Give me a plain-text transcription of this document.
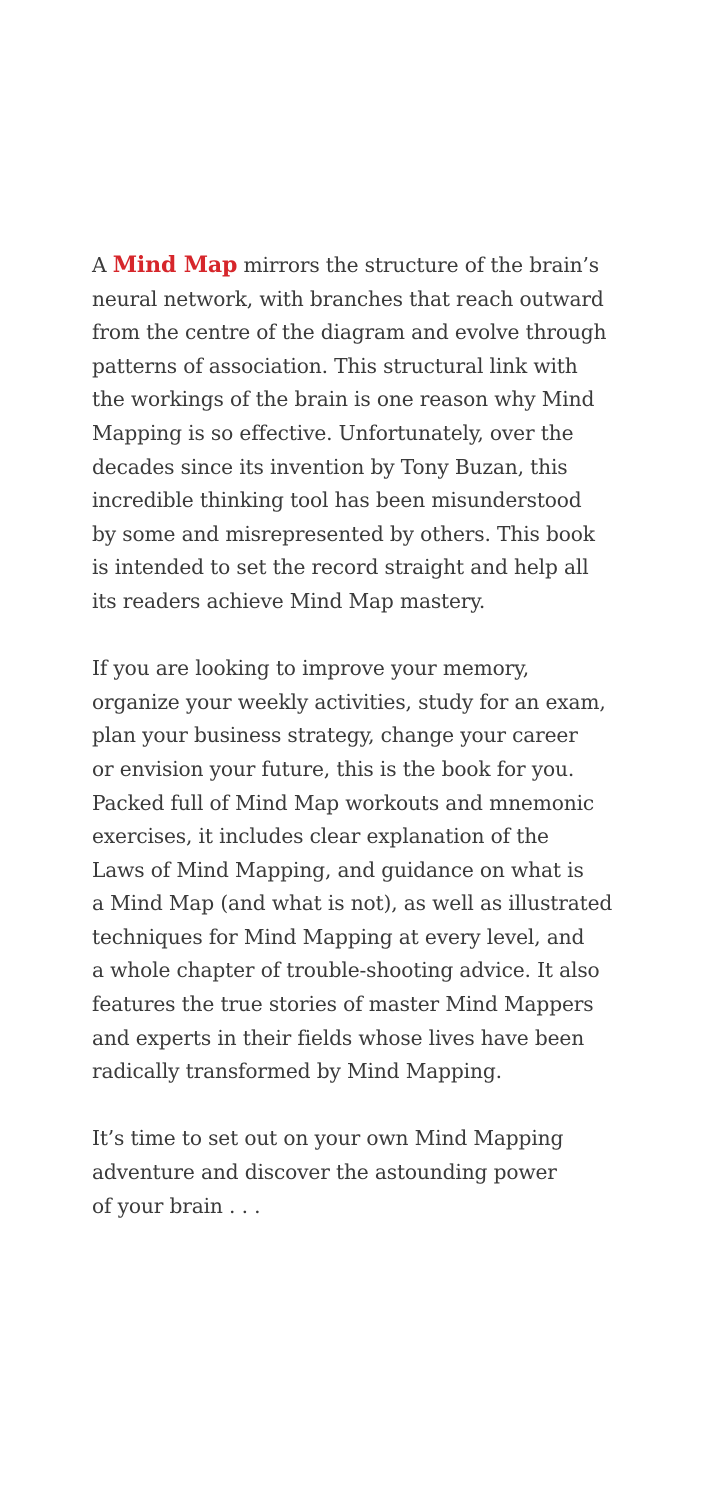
A Mind Map mirrors the structure of the brain’s
neural network, with branches that reach outward
from the centre of the diagram and evolve through
patterns of association. This structural link with
the workings of the brain is one reason why Mind
Mapping is so effective. Unfortunately, over the
decades since its invention by Tony Buzan, this
incredible thinking tool has been misunderstood
by some and misrepresented by others. This book
is intended to set the record straight and help all
its readers achieve Mind Map mastery.

If you are looking to improve your memory,
organize your weekly activities, study for an exam,
plan your business strategy, change your career
or envision your future, this is the book for you.
Packed full of Mind Map workouts and mnemonic
exercises, it includes clear explanation of the
Laws of Mind Mapping, and guidance on what is
a Mind Map (and what is not), as well as illustrated
techniques for Mind Mapping at every level, and
a whole chapter of trouble-shooting advice. It also
features the true stories of master Mind Mappers
and experts in their fields whose lives have been
radically transformed by Mind Mapping.

It’s time to set out on your own Mind Mapping
adventure and discover the astounding power
of your brain . . .
